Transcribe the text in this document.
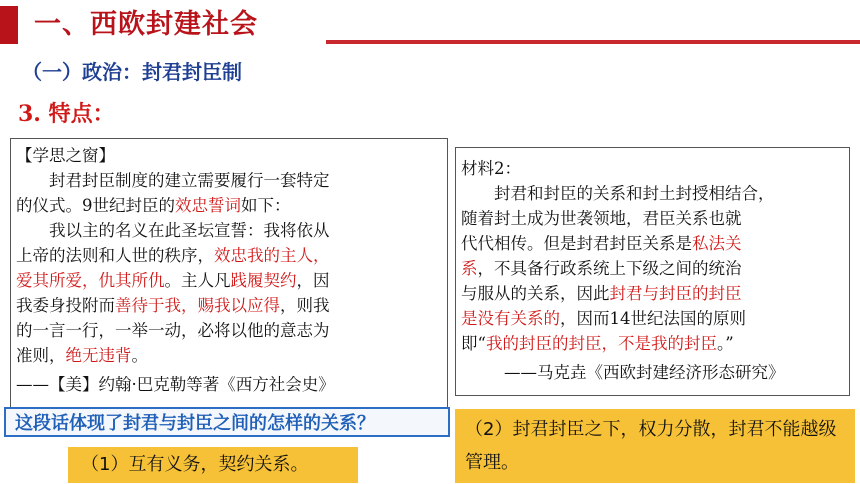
一、西欧封建社会
（一）政治：封君封臣制
3. 特点：

【学思之窗】

封君封臣制度的建立需要履行一套特定

的仪式。9世纪封臣的效忠誓词如下：

我以主的名义在此圣坛宣誓：我将依从

上帝的法则和人世的秩序，效忠我的主人，

爱其所爱，仇其所仇。主人凡践履契约，因

我委身投附而善待于我，赐我以应得，则我

的一言一行，一举一动，必将以他的意志为

准则，绝无违背。

——【美】约翰·巴克勒等著《西方社会史》

材料2：

封君和封臣的关系和封土封授相结合，

随着封土成为世袭领地，君臣关系也就

代代相传。但是封君封臣关系是私法关

系，不具备行政系统上下级之间的统治

与服从的关系，因此封君与封臣的封臣

是没有关系的，因而14世纪法国的原则

即“我的封臣的封臣，不是我的封臣。”

——马克垚《西欧封建经济形态研究》

这段话体现了封君与封臣之间的怎样的关系？
（1）互有义务，契约关系。
（2）封君封臣之下，权力分散，封君不能越级管理。
